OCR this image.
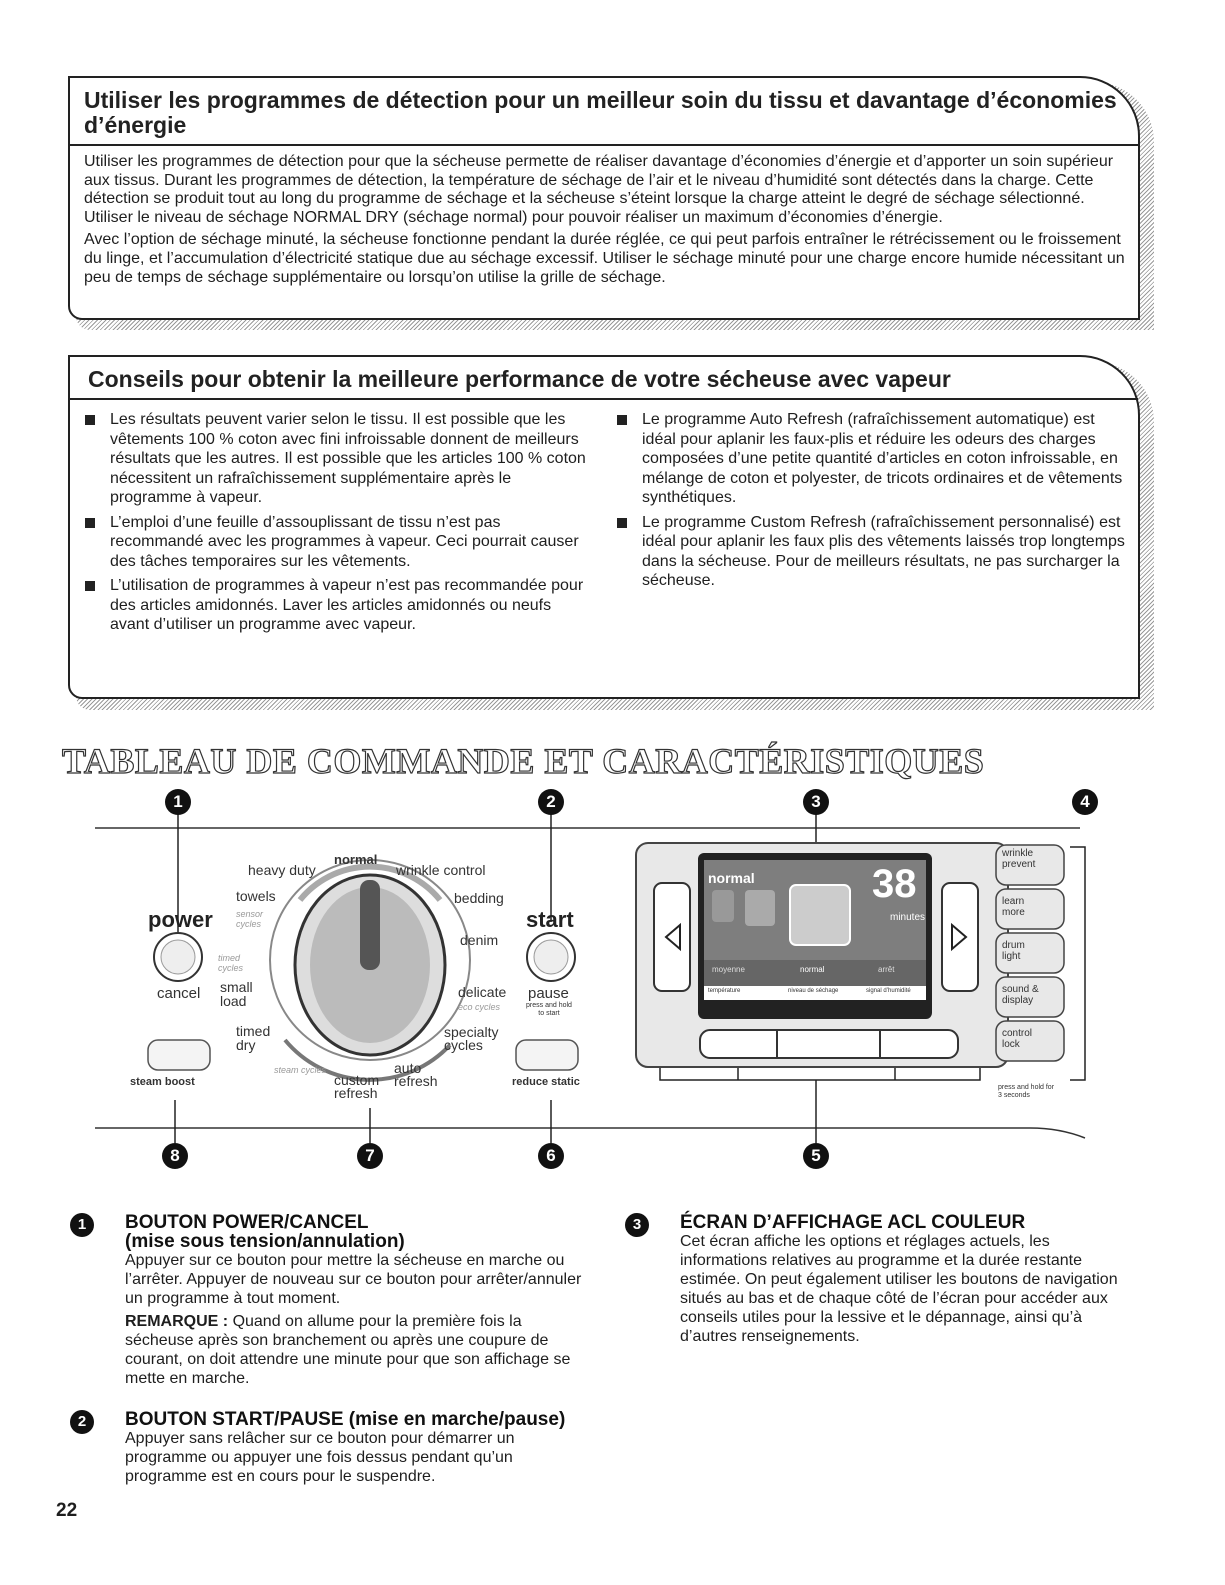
Utiliser les programmes de détection pour un meilleur soin du tissu et davantage d’économies d’énergie

Utiliser les programmes de détection pour que la sécheuse permette de réaliser davantage d’économies d’énergie et d’apporter un soin supérieur aux tissus. Durant les programmes de détection, la température de séchage de l’air et le niveau d’humidité sont détectés dans la charge. Cette détection se produit tout au long du programme de séchage et la sécheuse s’éteint lorsque la charge atteint le degré de séchage sélectionné. Utiliser le niveau de séchage NORMAL DRY (séchage normal) pour pouvoir réaliser un maximum d’économies d’énergie.

Avec l’option de séchage minuté, la sécheuse fonctionne pendant la durée réglée, ce qui peut parfois entraîner le rétrécissement ou le froissement du linge, et l’accumulation d’électricité statique due au séchage excessif. Utiliser le séchage minuté pour une charge encore humide nécessitant un peu de temps de séchage supplémentaire ou lorsqu’on utilise la grille de séchage.

Conseils pour obtenir la meilleure performance de votre sécheuse avec vapeur
Les résultats peuvent varier selon le tissu. Il est possible que les vêtements 100 % coton avec fini infroissable donnent de meilleurs résultats que les autres. Il est possible que les articles 100 % coton nécessitent un rafraîchissement supplémentaire après le programme à vapeur.
L’emploi d’une feuille d’assouplissant de tissu n’est pas recommandé avec les programmes à vapeur. Ceci pourrait causer des tâches temporaires sur les vêtements.
L’utilisation de programmes à vapeur n’est pas recommandée pour des articles amidonnés. Laver les articles amidonnés ou neufs avant d’utiliser un programme avec vapeur.
Le programme Auto Refresh (rafraîchissement automatique) est idéal pour aplanir les faux-plis et réduire les odeurs des charges composées d’une petite quantité d’articles en coton infroissable, en mélange de coton et polyester, de tricots ordinaires et de vêtements synthétiques.
Le programme Custom Refresh (rafraîchissement personnalisé) est idéal pour aplanir les faux plis des vêtements laissés trop longtemps dans la sécheuse. Pour de meilleurs résultats, ne pas surcharger la sécheuse.
TABLEAU DE COMMANDE ET CARACTÉRISTIQUES
1	2	3	4
5
6
7
8
power
cancel
start
pause
press and hold to start
steam boost	reduce static
normal
heavy duty	wrinkle control
towels	bedding
sensor cycles
denim
timed cycles
small load
delicate
eco cycles
timed dry
specialty cycles
steam cycles	auto refresh
custom refresh
normal	38
minutes
moyenne	normal	arrêt
température	niveau de séchage	signal d’humidité
wrinkle prevent
learn more
drum light
sound & display
control lock
press and hold for 3 seconds
1	BOUTON POWER/CANCEL
(mise sous tension/annulation)

Appuyer sur ce bouton pour mettre la sécheuse en marche ou l’arrêter. Appuyer de nouveau sur ce bouton pour arrêter/annuler un programme à tout moment.

REMARQUE : Quand on allume pour la première fois la sécheuse après son branchement ou après une coupure de courant, on doit attendre une minute pour que son affichage se mette en marche.

2	BOUTON START/PAUSE (mise en marche/pause)

Appuyer sans relâcher sur ce bouton pour démarrer un programme ou appuyer une fois dessus pendant qu’un programme est en cours pour le suspendre.

3	ÉCRAN D’AFFICHAGE ACL COULEUR

Cet écran affiche les options et réglages actuels, les informations relatives au programme et la durée restante estimée. On peut également utiliser les boutons de navigation situés au bas et de chaque côté de l’écran pour accéder aux conseils utiles pour la lessive et le dépannage, ainsi qu’à d’autres renseignements.

22
